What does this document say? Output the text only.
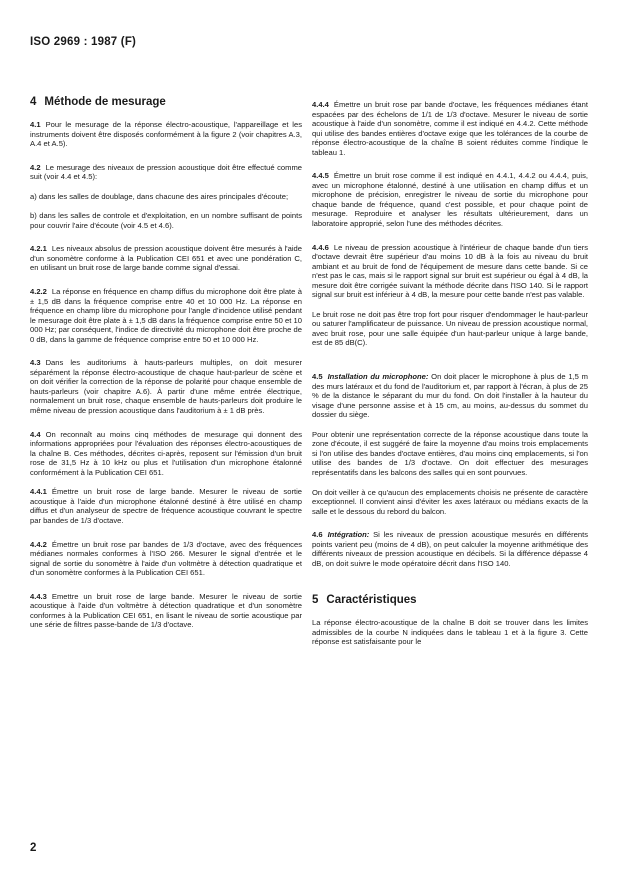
ISO 2969 : 1987 (F)
4 Méthode de mesurage

4.1 Pour le mesurage de la réponse électro-acoustique, l'appareillage et les instruments doivent être disposés conformément à la figure 2 (voir chapitres A.3, A.4 et A.5).

4.2 Le mesurage des niveaux de pression acoustique doit être effectué comme suit (voir 4.4 et 4.5):

a) dans les salles de doublage, dans chacune des aires principales d'écoute;

b) dans les salles de controle et d'exploitation, en un nombre suffisant de points pour couvrir l'aire d'écoute (voir 4.5 et 4.6).

4.2.1 Les niveaux absolus de pression acoustique doivent être mesurés à l'aide d'un sonomètre conforme à la Publication CEI 651 et avec une pondération C, en utilisant un bruit rose de large bande comme signal d'essai.

4.2.2 La réponse en fréquence en champ diffus du microphone doit être plate à ± 1,5 dB dans la fréquence comprise entre 40 et 10 000 Hz. La réponse en fréquence en champ libre du microphone pour l'angle d'incidence utilisé pendant le mesurage doit être plate à ± 1,5 dB dans la fréquence comprise entre 50 et 10 000 Hz; par conséquent, l'indice de directivité du microphone doit être proche de 0 dB, dans la gamme de fréquence comprise entre 50 et 10 000 Hz.

4.3 Dans les auditoriums à hauts-parleurs multiples, on doit mesurer séparément la réponse électro-acoustique de chaque haut-parleur de scène et on doit vérifier la correction de la réponse de polarité pour chaque ensemble de hauts-parleurs (voir chapitre A.6). À partir d'une même entrée électrique, normalement un bruit rose, chaque ensemble de hauts-parleurs doit produire le même niveau de pression acoustique dans l'auditorium à ± 1 dB près.

4.4 On reconnaît au moins cinq méthodes de mesurage qui donnent des informations appropriées pour l'évaluation des réponses électro-acoustiques de la chaîne B. Ces méthodes, décrites ci-après, reposent sur l'émission d'un bruit rose de 31,5 Hz à 10 kHz ou plus et l'utilisation d'un microphone étalonné conformément à la Publication CEI 651.

4.4.1 Émettre un bruit rose de large bande. Mesurer le niveau de sortie acoustique à l'aide d'un microphone étalonné destiné à être utilisé en champ diffus et d'un analyseur de spectre de fréquence acoustique couvrant le spectre par bandes de 1/3 d'octave.

4.4.2 Émettre un bruit rose par bandes de 1/3 d'octave, avec des fréquences médianes normales conformes à l'ISO 266. Mesurer le signal d'entrée et le signal de sortie du sonomètre à l'aide d'un voltmètre à détection quadratique et d'un sonomètre conformes à la Publication CEI 651.

4.4.3 Emettre un bruit rose de large bande. Mesurer le niveau de sortie acoustique à l'aide d'un voltmètre à détection quadratique et d'un sonomètre conformes à la Publication CEI 651, en lisant le niveau de sortie acoustique par une série de filtres passe-bande de 1/3 d'octave.

4.4.4 Émettre un bruit rose par bande d'octave, les fréquences médianes étant espacées par des échelons de 1/1 de 1/3 d'octave. Mesurer le niveau de sortie acoustique à l'aide d'un sonomètre, comme il est indiqué en 4.4.2. Cette méthode qui utilise des bandes entières d'octave exige que les tolérances de la courbe de réponse électro-acoustique de la chaîne B soient réduites comme l'indique le tableau 1.

4.4.5 Émettre un bruit rose comme il est indiqué en 4.4.1, 4.4.2 ou 4.4.4, puis, avec un microphone étalonné, destiné à une utilisation en champ diffus et un microphone de précision, enregistrer le niveau de sortie du microphone pour chaque bande de fréquence, quand c'est possible, et pour chaque point de mesurage. Reproduire et analyser les résultats ultérieurement, dans un laboratoire approprié, selon l'une des méthodes décrites.

4.4.6 Le niveau de pression acoustique à l'intérieur de chaque bande d'un tiers d'octave devrait être supérieur d'au moins 10 dB à la fois au niveau du bruit ambiant et au bruit de fond de l'équipement de mesure dans cette bande. Si ce n'est pas le cas, mais si le rapport signal sur bruit est supérieur ou égal à 4 dB, la mesure doit être corrigée suivant la méthode décrite dans l'ISO 140. Si le rapport signal sur bruit est inférieur à 4 dB, la mesure pour cette bande n'est pas valable.

Le bruit rose ne doit pas être trop fort pour risquer d'endommager le haut-parleur ou saturer l'amplificateur de puissance. Un niveau de pression acoustique normal, avec bruit rose, pour une salle équipée d'un haut-parleur unique à large bande, est de 85 dB(C).

4.5 Installation du microphone: On doit placer le microphone à plus de 1,5 m des murs latéraux et du fond de l'auditorium et, par rapport à l'écran, à plus de 25 % de la distance le séparant du mur du fond. On doit l'installer à la hauteur du visage d'une personne assise et à 15 cm, au moins, au-dessus du sommet du dossier du siège.

Pour obtenir une représentation correcte de la réponse acoustique dans toute la zone d'écoute, il est suggéré de faire la moyenne d'au moins trois emplacements si l'on utilise des bandes d'octave entières, d'au moins cinq emplacements, si l'on utilise des bandes de 1/3 d'octave. On doit effectuer des mesurages représentatifs dans les balcons des salles qui en sont pourvues.

On doit veiller à ce qu'aucun des emplacements choisis ne présente de caractère exceptionnel. Il convient ainsi d'éviter les axes latéraux ou médians exacts de la salle et le dessous du rebord du balcon.

4.6 Intégration: Si les niveaux de pression acoustique mesurés en différents points varient peu (moins de 4 dB), on peut calculer la moyenne arithmétique des différents niveaux de pression acoustique en décibels. Si la différence dépasse 4 dB, on doit suivre le mode opératoire décrit dans l'ISO 140.

5 Caractéristiques

La réponse électro-acoustique de la chaîne B doit se trouver dans les limites admissibles de la courbe N indiquées dans le tableau 1 et à la figure 3. Cette réponse est satisfaisante pour le

2
